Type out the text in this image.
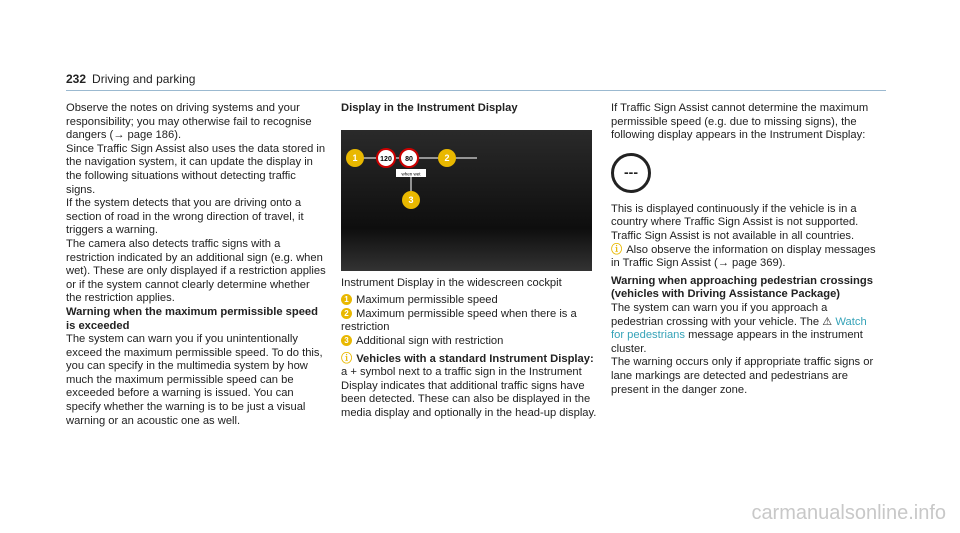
232 Driving and parking

Observe the notes on driving systems and your responsibility; you may otherwise fail to recognise dangers (→ page 186).

Since Traffic Sign Assist also uses the data stored in the navigation system, it can update the display in the following situations without detecting traffic signs.

If the system detects that you are driving onto a section of road in the wrong direction of travel, it triggers a warning.

The camera also detects traffic signs with a restriction indicated by an additional sign (e.g. when wet). These are only displayed if a restriction applies or if the system cannot clearly determine whether the restriction applies.

Warning when the maximum permissible speed is exceeded

The system can warn you if you unintentionally exceed the maximum permissible speed. To do this, you can specify in the multimedia system by how much the maximum permissible speed can be exceeded before a warning is issued. You can specify whether the warning is to be just a visual warning or an acoustic one as well.

Display in the Instrument Display

1	2
3
120 80
when wet

Instrument Display in the widescreen cockpit

1 Maximum permissible speed

2 Maximum permissible speed when there is a restriction

3 Additional sign with restriction

ⓘ Vehicles with a standard Instrument Display: a + symbol next to a traffic sign in the Instrument Display indicates that additional traffic signs have been detected. These can also be displayed in the media display and optionally in the head-up display.

If Traffic Sign Assist cannot determine the maximum permissible speed (e.g. due to missing signs), the following display appears in the Instrument Display:

---

This is displayed continuously if the vehicle is in a country where Traffic Sign Assist is not supported. Traffic Sign Assist is not available in all countries.

ⓘ Also observe the information on display messages in Traffic Sign Assist (→ page 369).

Warning when approaching pedestrian crossings (vehicles with Driving Assistance Package)

The system can warn you if you approach a pedestrian crossing with your vehicle. The ⚠ Watch for pedestrians message appears in the instrument cluster.

The warning occurs only if appropriate traffic signs or lane markings are detected and pedestrians are present in the danger zone.

carmanualsonline.info
